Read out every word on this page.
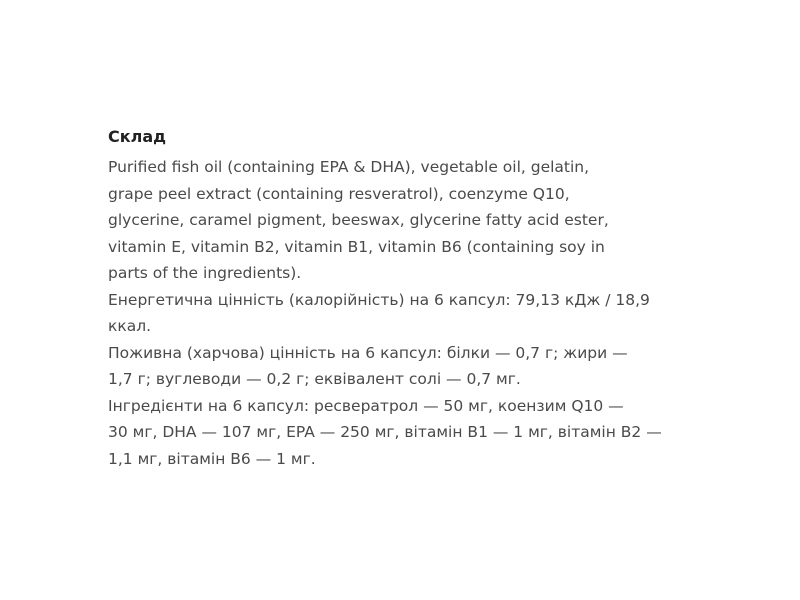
Склад

Purified fish oil (containing EPA & DHA), vegetable oil, gelatin,

grape peel extract (containing resveratrol), coenzyme Q10,

glycerine, caramel pigment, beeswax, glycerine fatty acid ester,

vitamin E, vitamin B2, vitamin B1, vitamin B6 (containing soy in

parts of the ingredients).

Енергетична цінність (калорійність) на 6 капсул: 79,13 кДж / 18,9

ккал.

Поживна (харчова) цінність на 6 капсул: білки — 0,7 г; жири —

1,7 г; вуглеводи — 0,2 г; еквівалент солі — 0,7 мг.

Інгредієнти на 6 капсул: ресвератрол — 50 мг, коензим Q10 —

30 мг, DHA — 107 мг, EPA — 250 мг, вітамін B1 — 1 мг, вітамін B2 —

1,1 мг, вітамін B6 — 1 мг.
